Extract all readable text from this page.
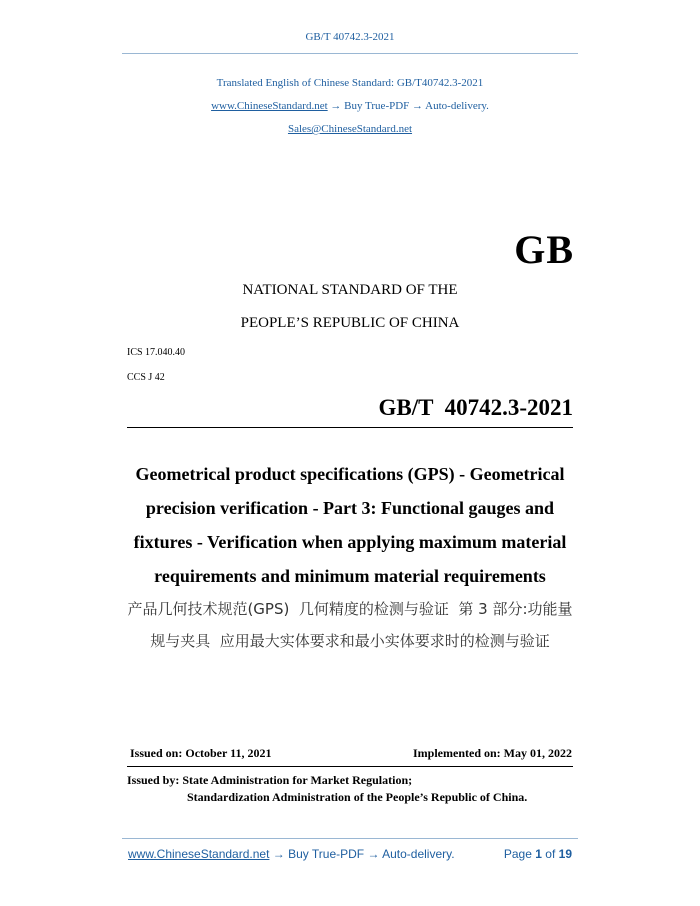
GB/T 40742.3-2021
Translated English of Chinese Standard: GB/T40742.3-2021
www.ChineseStandard.net → Buy True-PDF → Auto-delivery.
Sales@ChineseStandard.net
GB
NATIONAL STANDARD OF THE
PEOPLE’S REPUBLIC OF CHINA
ICS 17.040.40
CCS J 42
GB/T  40742.3-2021
Geometrical product specifications (GPS) - Geometrical
precision verification - Part 3: Functional gauges and
fixtures - Verification when applying maximum material
requirements and minimum material requirements
产品几何技术规范(GPS)  几何精度的检测与验证  第 3 部分:功能量
规与夹具  应用最大实体要求和最小实体要求时的检测与验证
Issued on: October 11, 2021	Implemented on: May 01, 2022
Issued by: State Administration for Market Regulation;
Standardization Administration of the People’s Republic of China.
www.ChineseStandard.net → Buy True-PDF → Auto-delivery.	Page 1 of 19
